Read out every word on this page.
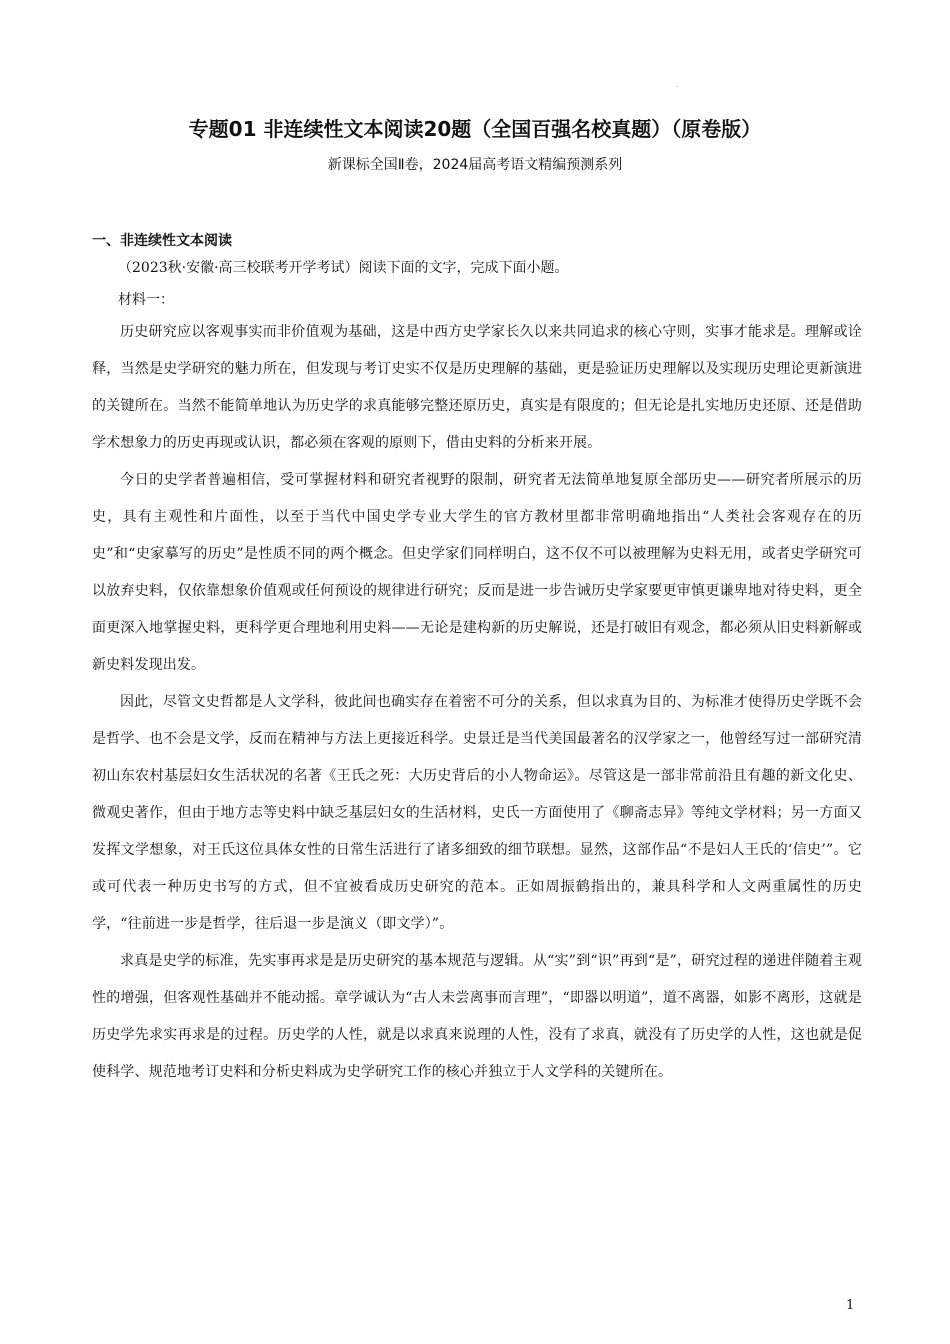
·
专题01 非连续性文本阅读20题（全国百强名校真题）（原卷版）
新课标全国Ⅱ卷，2024届高考语文精编预测系列
一、非连续性文本阅读
（2023秋·安徽·高三校联考开学考试）阅读下面的文字，完成下面小题。
材料一：

历史研究应以客观事实而非价值观为基础，这是中西方史学家长久以来共同追求的核心守则，实事才能求是。理解或诠释，当然是史学研究的魅力所在，但发现与考订史实不仅是历史理解的基础，更是验证历史理解以及实现历史理论更新演进的关键所在。当然不能简单地认为历史学的求真能够完整还原历史，真实是有限度的；但无论是扎实地历史还原、还是借助学术想象力的历史再现或认识，都必须在客观的原则下，借由史料的分析来开展。

今日的史学者普遍相信，受可掌握材料和研究者视野的限制，研究者无法简单地复原全部历史——研究者所展示的历史，具有主观性和片面性，以至于当代中国史学专业大学生的官方教材里都非常明确地指出“人类社会客观存在的历史”和“史家摹写的历史”是性质不同的两个概念。但史学家们同样明白，这不仅不可以被理解为史料无用，或者史学研究可以放弃史料，仅依靠想象价值观或任何预设的规律进行研究；反而是进一步告诫历史学家要更审慎更谦卑地对待史料，更全面更深入地掌握史料，更科学更合理地利用史料——无论是建构新的历史解说，还是打破旧有观念，都必须从旧史料新解或新史料发现出发。

因此，尽管文史哲都是人文学科，彼此间也确实存在着密不可分的关系，但以求真为目的、为标准才使得历史学既不会是哲学、也不会是文学，反而在精神与方法上更接近科学。史景迁是当代美国最著名的汉学家之一，他曾经写过一部研究清初山东农村基层妇女生活状况的名著《王氏之死：大历史背后的小人物命运》。尽管这是一部非常前沿且有趣的新文化史、微观史著作，但由于地方志等史料中缺乏基层妇女的生活材料，史氏一方面使用了《聊斋志异》等纯文学材料；另一方面又发挥文学想象，对王氏这位具体女性的日常生活进行了诸多细致的细节联想。显然，这部作品“不是妇人王氏的‘信史’”。它或可代表一种历史书写的方式，但不宜被看成历史研究的范本。正如周振鹤指出的，兼具科学和人文两重属性的历史学，“往前进一步是哲学，往后退一步是演义（即文学）”。

求真是史学的标准，先实事再求是是历史研究的基本规范与逻辑。从“实”到“识”再到“是”，研究过程的递进伴随着主观性的增强，但客观性基础并不能动摇。章学诚认为“古人未尝离事而言理”，“即器以明道”，道不离器，如影不离形，这就是历史学先求实再求是的过程。历史学的人性，就是以求真来说理的人性，没有了求真，就没有了历史学的人性，这也就是促使科学、规范地考订史料和分析史料成为史学研究工作的核心并独立于人文学科的关键所在。

1
